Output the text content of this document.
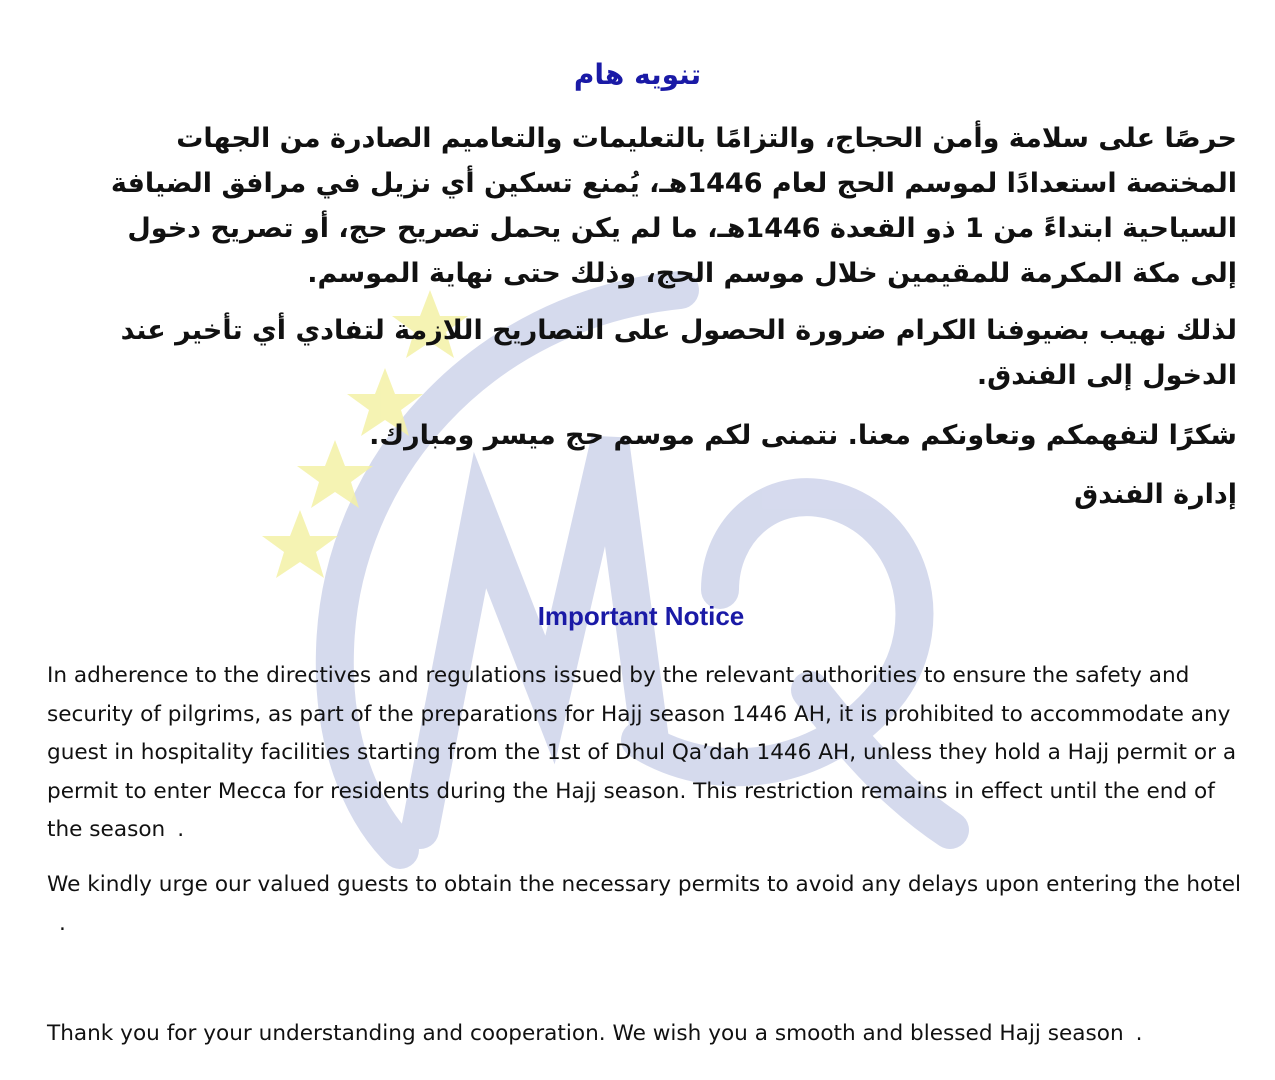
تنويه هام
حرصًا على سلامة وأمن الحجاج، والتزامًا بالتعليمات والتعاميم الصادرة من الجهات المختصة استعدادًا لموسم الحج لعام 1446هـ، يُمنع تسكين أي نزيل في مرافق الضيافة السياحية ابتداءً من 1 ذو القعدة 1446هـ، ما لم يكن يحمل تصريح حج، أو تصريح دخول إلى مكة المكرمة للمقيمين خلال موسم الحج، وذلك حتى نهاية الموسم.
لذلك نهيب بضيوفنا الكرام ضرورة الحصول على التصاريح اللازمة لتفادي أي تأخير عند الدخول إلى الفندق.
شكرًا لتفهمكم وتعاونكم معنا. نتمنى لكم موسم حج ميسر ومبارك.
إدارة الفندق
Important Notice
In adherence to the directives and regulations issued by the relevant authorities to ensure the safety and security of pilgrims, as part of the preparations for Hajj season 1446 AH, it is prohibited to accommodate any guest in hospitality facilities starting from the 1st of Dhul Qa’dah 1446 AH, unless they hold a Hajj permit or a permit to enter Mecca for residents during the Hajj season. This restriction remains in effect until the end of the season .
We kindly urge our valued guests to obtain the necessary permits to avoid any delays upon entering the hotel.
Thank you for your understanding and cooperation. We wish you a smooth and blessed Hajj season .
